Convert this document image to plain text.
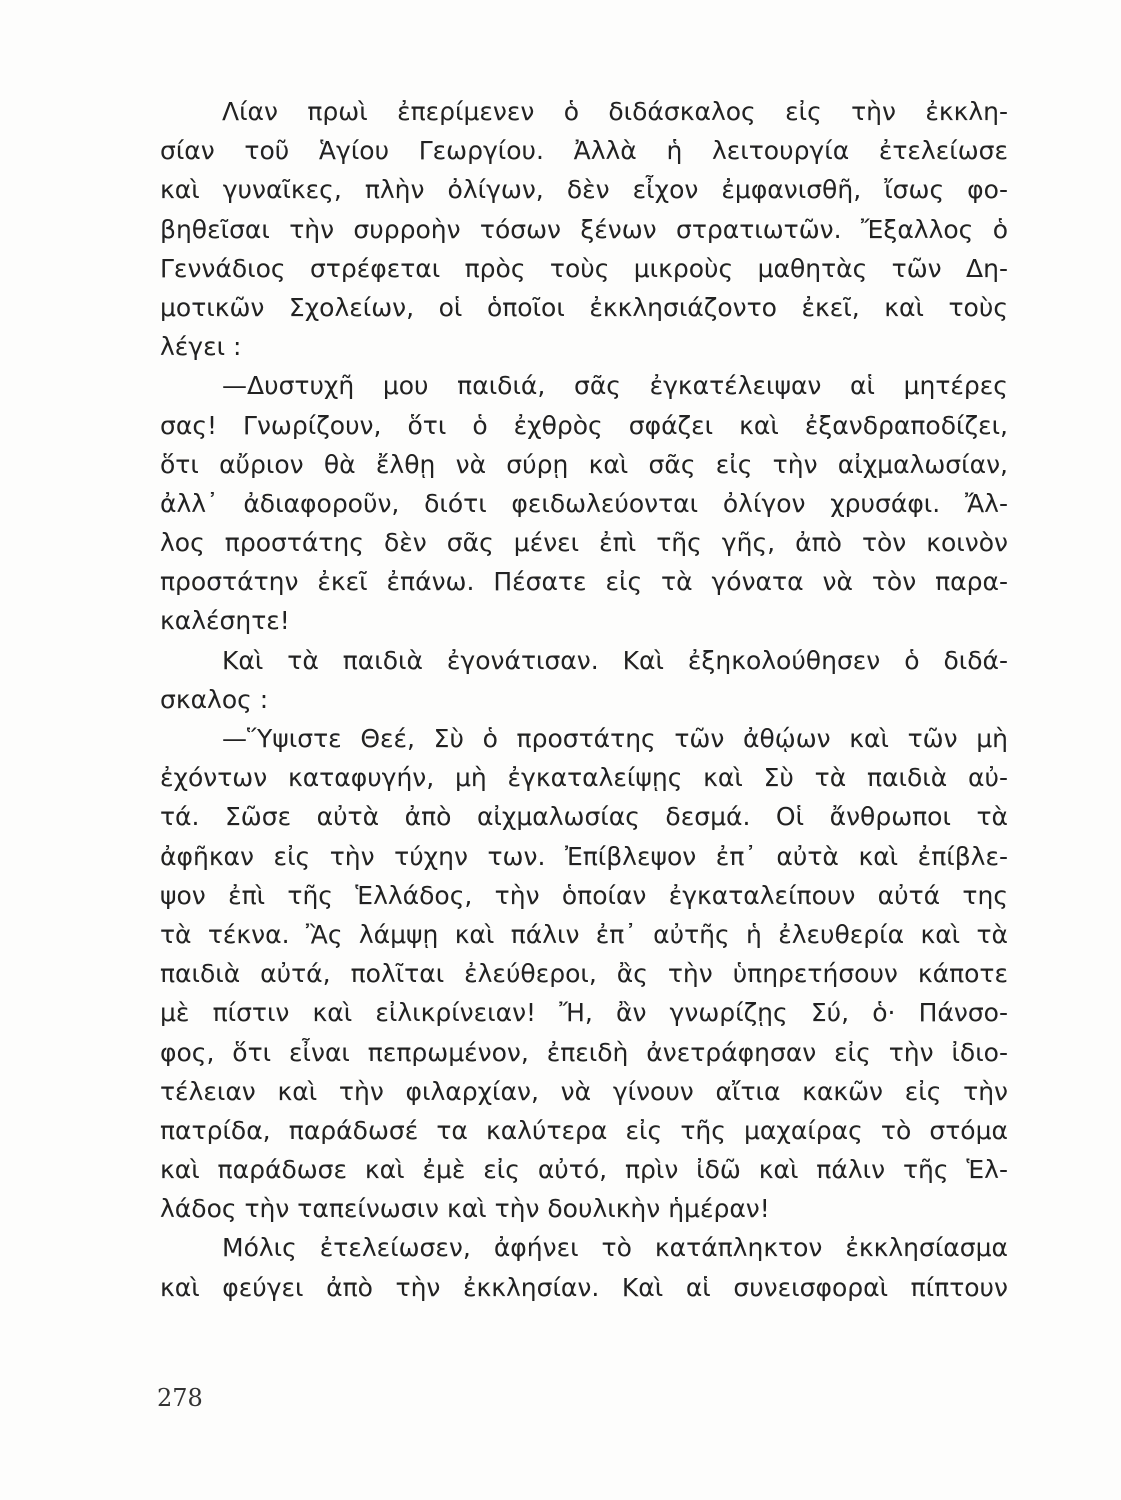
Λίαν πρωὶ ἐπερίμενεν ὁ διδάσκαλος εἰς τὴν ἐκκλη-
σίαν τοῦ Ἁγίου Γεωργίου. Ἀλλὰ ἡ λειτουργία ἐτελείωσε
καὶ γυναῖκες, πλὴν ὀλίγων, δὲν εἶχον ἐμφανισθῆ, ἴσως φο-
βηθεῖσαι τὴν συρροὴν τόσων ξένων στρατιωτῶν. Ἔξαλλος ὁ
Γεννάδιος στρέφεται πρὸς τοὺς μικροὺς μαθητὰς τῶν Δη-
μοτικῶν Σχολείων, οἱ ὁποῖοι ἐκκλησιάζοντο ἐκεῖ, καὶ τοὺς
λέγει :
—Δυστυχῆ μου παιδιά, σᾶς ἐγκατέλειψαν αἱ μητέρες
σας! Γνωρίζουν, ὅτι ὁ ἐχθρὸς σφάζει καὶ ἐξανδραποδίζει,
ὅτι αὔριον θὰ ἔλθῃ νὰ σύρῃ καὶ σᾶς εἰς τὴν αἰχμαλωσίαν,
ἀλλ᾽ ἀδιαφοροῦν, διότι φειδωλεύονται ὀλίγον χρυσάφι. Ἄλ-
λος προστάτης δὲν σᾶς μένει ἐπὶ τῆς γῆς, ἀπὸ τὸν κοινὸν
προστάτην ἐκεῖ ἐπάνω. Πέσατε εἰς τὰ γόνατα νὰ τὸν παρα-
καλέσητε!
Καὶ τὰ παιδιὰ ἐγονάτισαν. Καὶ ἐξηκολούθησεν ὁ διδά-
σκαλος :
—Ὕψιστε Θεέ, Σὺ ὁ προστάτης τῶν ἀθῴων καὶ τῶν μὴ
ἐχόντων καταφυγήν, μὴ ἐγκαταλείψῃς καὶ Σὺ τὰ παιδιὰ αὐ-
τά. Σῶσε αὐτὰ ἀπὸ αἰχμαλωσίας δεσμά. Οἱ ἄνθρωποι τὰ
ἀφῆκαν εἰς τὴν τύχην των. Ἐπίβλεψον ἐπ᾽ αὐτὰ καὶ ἐπίβλε-
ψον ἐπὶ τῆς Ἑλλάδος, τὴν ὁποίαν ἐγκαταλείπουν αὐτά της
τὰ τέκνα. Ἂς λάμψῃ καὶ πάλιν ἐπ᾽ αὐτῆς ἡ ἐλευθερία καὶ τὰ
παιδιὰ αὐτά, πολῖται ἐλεύθεροι, ἂς τὴν ὑπηρετήσουν κάποτε
μὲ πίστιν καὶ εἰλικρίνειαν! Ἤ, ἂν γνωρίζῃς Σύ, ὁ· Πάνσο-
φος, ὅτι εἶναι πεπρωμένον, ἐπειδὴ ἀνετράφησαν εἰς τὴν ἰδιο-
τέλειαν καὶ τὴν φιλαρχίαν, νὰ γίνουν αἴτια κακῶν εἰς τὴν
πατρίδα, παράδωσέ τα καλύτερα εἰς τῆς μαχαίρας τὸ στόμα
καὶ παράδωσε καὶ ἐμὲ εἰς αὐτό, πρὶν ἰδῶ καὶ πάλιν τῆς Ἑλ-
λάδος τὴν ταπείνωσιν καὶ τὴν δουλικὴν ἡμέραν!
Μόλις ἐτελείωσεν, ἀφήνει τὸ κατάπληκτον ἐκκλησίασμα
καὶ φεύγει ἀπὸ τὴν ἐκκλησίαν. Καὶ αἱ συνεισφοραὶ πίπτουν
278
